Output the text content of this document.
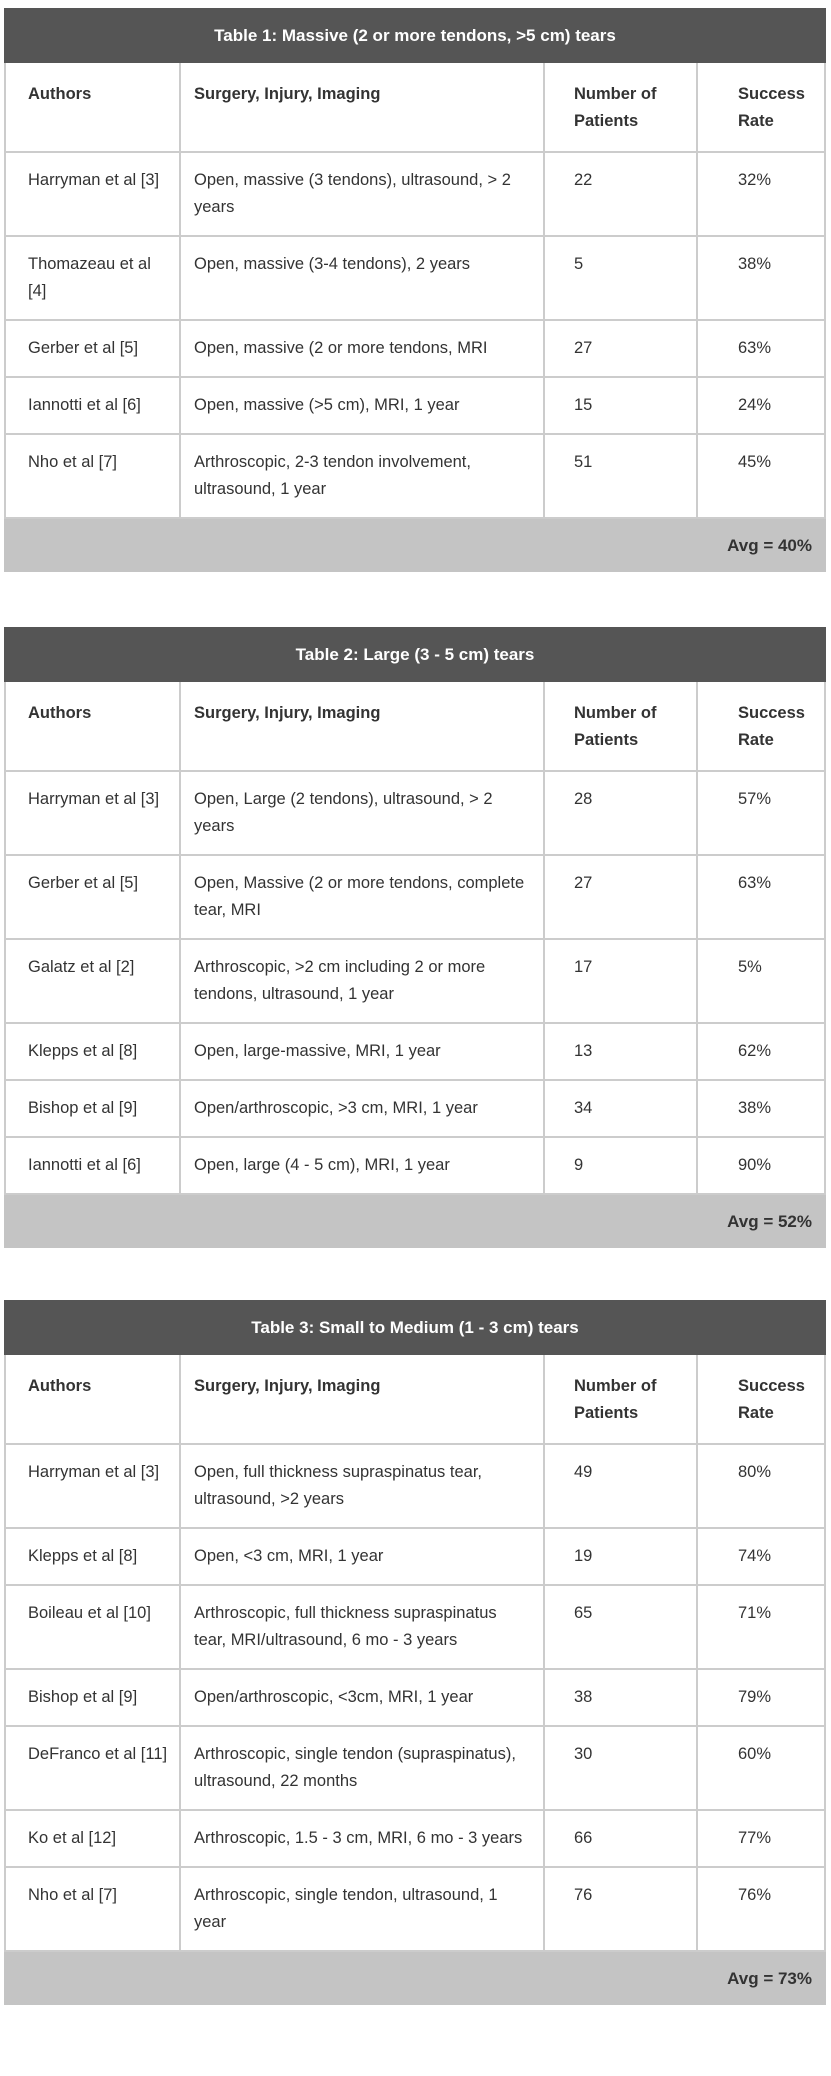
Table 1: Massive (2 or more tendons, >5 cm) tears
Authors	Surgery, Injury, Imaging	Number of Patients	Success Rate
Harryman et al [3]	Open, massive (3 tendons), ultrasound, > 2 years	22	32%
Thomazeau et al [4]	Open, massive (3-4 tendons), 2 years	5	38%
Gerber et al [5]	Open, massive (2 or more tendons, MRI	27	63%
Iannotti et al [6]	Open, massive (>5 cm), MRI, 1 year	15	24%
Nho et al [7]	Arthroscopic, 2-3 tendon involvement, ultrasound, 1 year	51	45%
Avg = 40%
Table 2: Large (3 - 5 cm) tears
Authors	Surgery, Injury, Imaging	Number of Patients	Success Rate
Harryman et al [3]	Open, Large (2 tendons), ultrasound, > 2 years	28	57%
Gerber et al [5]	Open, Massive (2 or more tendons, complete tear, MRI	27	63%
Galatz et al [2]	Arthroscopic, >2 cm including 2 or more tendons, ultrasound, 1 year	17	5%
Klepps et al [8]	Open, large-massive, MRI, 1 year	13	62%
Bishop et al [9]	Open/arthroscopic, >3 cm, MRI, 1 year	34	38%
Iannotti et al [6]	Open, large (4 - 5 cm), MRI, 1 year	9	90%
Avg = 52%
Table 3: Small to Medium (1 - 3 cm) tears
Authors	Surgery, Injury, Imaging	Number of Patients	Success Rate
Harryman et al [3]	Open, full thickness supraspinatus tear, ultrasound, >2 years	49	80%
Klepps et al [8]	Open, <3 cm, MRI, 1 year	19	74%
Boileau et al [10]	Arthroscopic, full thickness supraspinatus tear, MRI/ultrasound, 6 mo - 3 years	65	71%
Bishop et al [9]	Open/arthroscopic, <3cm, MRI, 1 year	38	79%
DeFranco et al [11]	Arthroscopic, single tendon (supraspinatus), ultrasound, 22 months	30	60%
Ko et al [12]	Arthroscopic, 1.5 - 3 cm, MRI, 6 mo - 3 years	66	77%
Nho et al [7]	Arthroscopic, single tendon, ultrasound, 1 year	76	76%
Avg = 73%
